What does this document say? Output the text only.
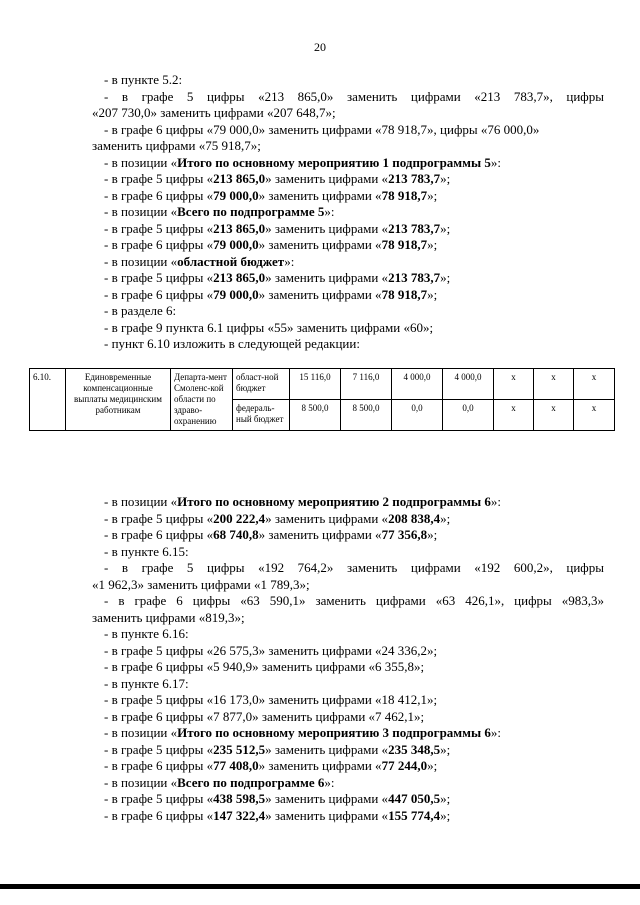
20
- в пункте 5.2:
- в графе 5 цифры «213 865,0» заменить цифрами «213 783,7», цифры
«207 730,0» заменить цифрами «207 648,7»;
- в графе 6 цифры «79 000,0» заменить цифрами «78 918,7», цифры «76 000,0»
заменить цифрами «75 918,7»;
- в позиции «Итого по основному мероприятию 1 подпрограммы 5»:
- в графе 5 цифры «213 865,0» заменить цифрами «213 783,7»;
- в графе 6 цифры «79 000,0» заменить цифрами «78 918,7»;
- в позиции «Всего по подпрограмме 5»:
- в графе 5 цифры «213 865,0» заменить цифрами «213 783,7»;
- в графе 6 цифры «79 000,0» заменить цифрами «78 918,7»;
- в позиции «областной бюджет»:
- в графе 5 цифры «213 865,0» заменить цифрами «213 783,7»;
- в графе 6 цифры «79 000,0» заменить цифрами «78 918,7»;
- в разделе 6:
- в графе 9 пункта 6.1 цифры «55» заменить цифрами «60»;
- пункт 6.10 изложить в следующей редакции:
6.10.	Единовременные компенсационные выплаты медицинским работникам	Департа-мент Смоленс-кой области по здраво-охранению	област-ной бюджет	15 116,0	7 116,0	4 000,0	4 000,0	х	х	х
			федераль-ный бюджет	8 500,0	8 500,0	0,0	0,0	х	х	х
- в позиции «Итого по основному мероприятию 2 подпрограммы 6»:
- в графе 5 цифры «200 222,4» заменить цифрами «208 838,4»;
- в графе 6 цифры «68 740,8» заменить цифрами «77 356,8»;
- в пункте 6.15:
- в графе 5 цифры «192 764,2» заменить цифрами «192 600,2», цифры
«1 962,3» заменить цифрами «1 789,3»;
- в графе 6 цифры «63 590,1» заменить цифрами «63 426,1», цифры «983,3»
заменить цифрами «819,3»;
- в пункте 6.16:
- в графе 5 цифры «26 575,3» заменить цифрами «24 336,2»;
- в графе 6 цифры «5 940,9» заменить цифрами «6 355,8»;
- в пункте 6.17:
- в графе 5 цифры «16 173,0» заменить цифрами «18 412,1»;
- в графе 6 цифры «7 877,0» заменить цифрами «7 462,1»;
- в позиции «Итого по основному мероприятию 3 подпрограммы 6»:
- в графе 5 цифры «235 512,5» заменить цифрами «235 348,5»;
- в графе 6 цифры «77 408,0» заменить цифрами «77 244,0»;
- в позиции «Всего по подпрограмме 6»:
- в графе 5 цифры «438 598,5» заменить цифрами «447 050,5»;
- в графе 6 цифры «147 322,4» заменить цифрами «155 774,4»;
